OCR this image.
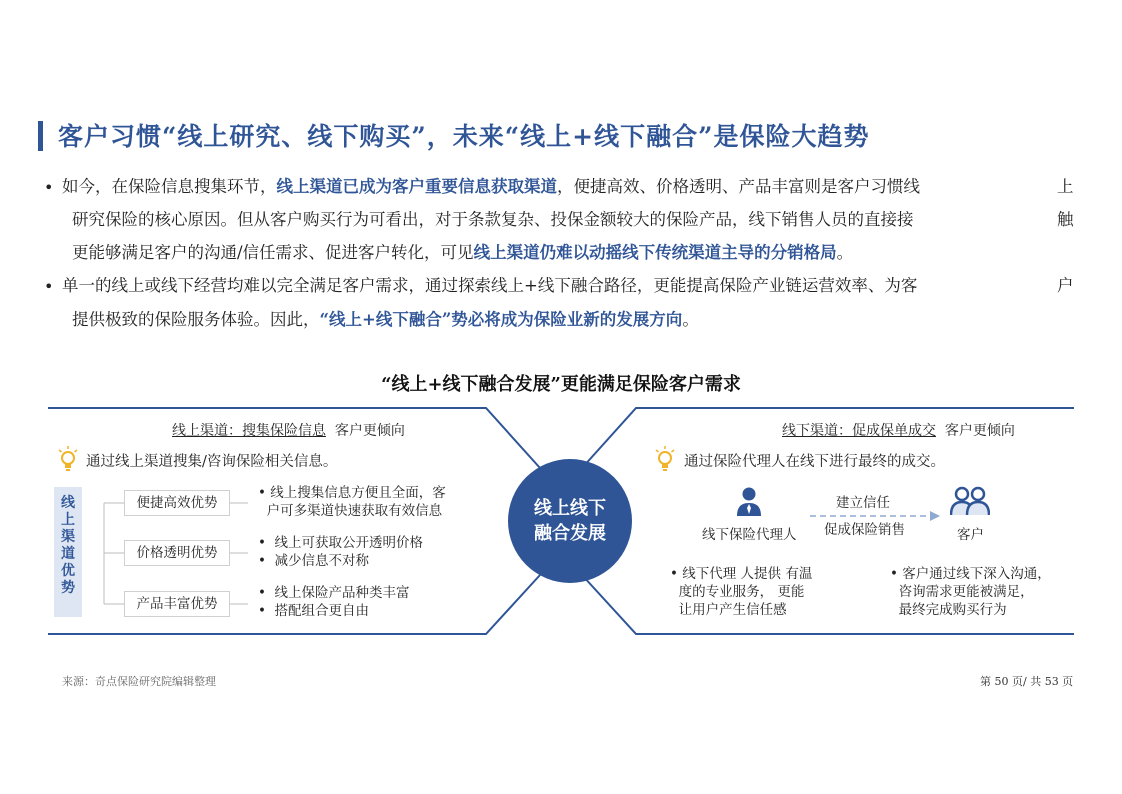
客户习惯“线上研究、线下购买”，未来“线上+线下融合”是保险大趋势
• 如今，在保险信息搜集环节，线上渠道已成为客户重要信息获取渠道，便捷高效、价格透明、产品丰富则是客户习惯线	上
研究保险的核心原因。但从客户购买行为可看出，对于条款复杂、投保金额较大的保险产品，线下销售人员的直接接	触
更能够满足客户的沟通/信任需求、促进客户转化，可见线上渠道仍难以动摇线下传统渠道主导的分销格局。
• 单一的线上或线下经营均难以完全满足客户需求，通过探索线上+线下融合路径，更能提高保险产业链运营效率、为客	户
提供极致的保险服务体验。因此，“线上+线下融合”势必将成为保险业新的发展方向。
“线上+线下融合发展”更能满足保险客户需求
线上线下
融合发展
线上渠道：搜集保险信息 客户更倾向
通过线上渠道搜集/咨询保险相关信息。
线上渠道优势
便捷高效优势
价格透明优势
产品丰富优势
• 线上搜集信息方便且全面，客
户可多渠道快速获取有效信息
•  线上可获取公开透明价格
•  减少信息不对称
•  线上保险产品种类丰富
•  搭配组合更自由
线下渠道：促成保单成交 客户更倾向
通过保险代理人在线下进行最终的成交。
线下保险代理人	客户
建立信任
促成保险销售
• 线下代理 人提供 有温
度的专业服务， 更能
让用户产生信任感
• 客户通过线下深入沟通，
咨询需求更能被满足，
最终完成购买行为
来源：奇点保险研究院编辑整理	第 50 页/ 共 53 页
